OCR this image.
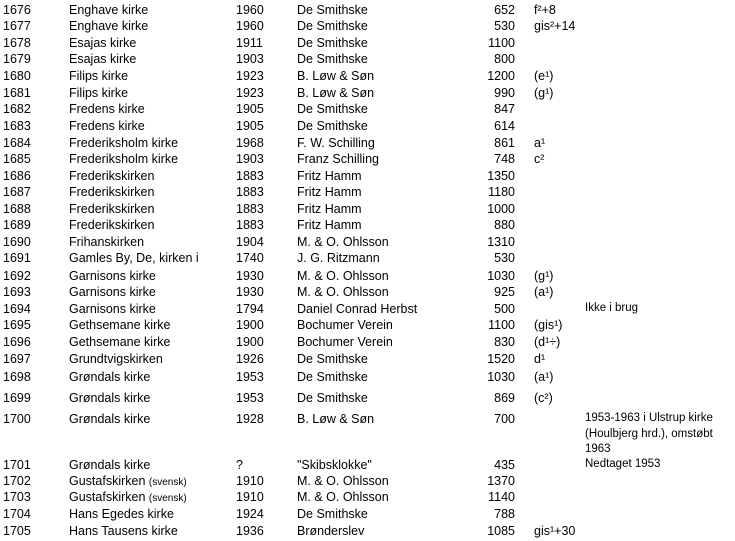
1676	Enghave kirke	1960	De Smithske	652 f²+8
1677	Enghave kirke	1960	De Smithske	530 gis²+14
1678	Esajas kirke	1911	De Smithske	1100
1679	Esajas kirke	1903	De Smithske	800
1680	Filips kirke	1923	B. Løw & Søn	1200 (e¹)
1681	Filips kirke	1923	B. Løw & Søn	990 (g¹)
1682	Fredens kirke	1905	De Smithske	847
1683	Fredens kirke	1905	De Smithske	614
1684	Frederiksholm kirke	1968	F. W. Schilling	861 a¹
1685	Frederiksholm kirke	1903	Franz Schilling	748 c²
1686	Frederikskirken	1883	Fritz Hamm	1350
1687	Frederikskirken	1883	Fritz Hamm	1180
1688	Frederikskirken	1883	Fritz Hamm	1000
1689	Frederikskirken	1883	Fritz Hamm	880
1690	Frihanskirken	1904	M. & O. Ohlsson	1310
1691	Gamles By, De, kirken i	1740	J. G. Ritzmann	530
1692	Garnisons kirke	1930	M. & O. Ohlsson	1030 (g¹)
1693	Garnisons kirke	1930	M. & O. Ohlsson	925 (a¹)
1694	Garnisons kirke	1794	Daniel Conrad Herbst	500	Ikke i brug
1695	Gethsemane kirke	1900	Bochumer Verein	1100 (gis¹)
1696	Gethsemane kirke	1900	Bochumer Verein	830 (d¹÷)
1697	Grundtvigskirken	1926	De Smithske	1520 d¹
1698	Grøndals kirke	1953	De Smithske	1030 (a¹)
1699	Grøndals kirke	1953	De Smithske	869 (c²)
1700	Grøndals kirke	1928	B. Løw & Søn	700	1953-1963 i Ulstrup kirke (Houlbjerg hrd.), omstøbt 1963
1701	Grøndals kirke	?	"Skibsklokke"	435	Nedtaget 1953
1702	Gustafskirken (svensk)	1910	M. & O. Ohlsson	1370
1703	Gustafskirken (svensk)	1910	M. & O. Ohlsson	1140
1704	Hans Egedes kirke	1924	De Smithske	788
1705	Hans Tausens kirke	1936	Brønderslev	1085 gis¹+30
